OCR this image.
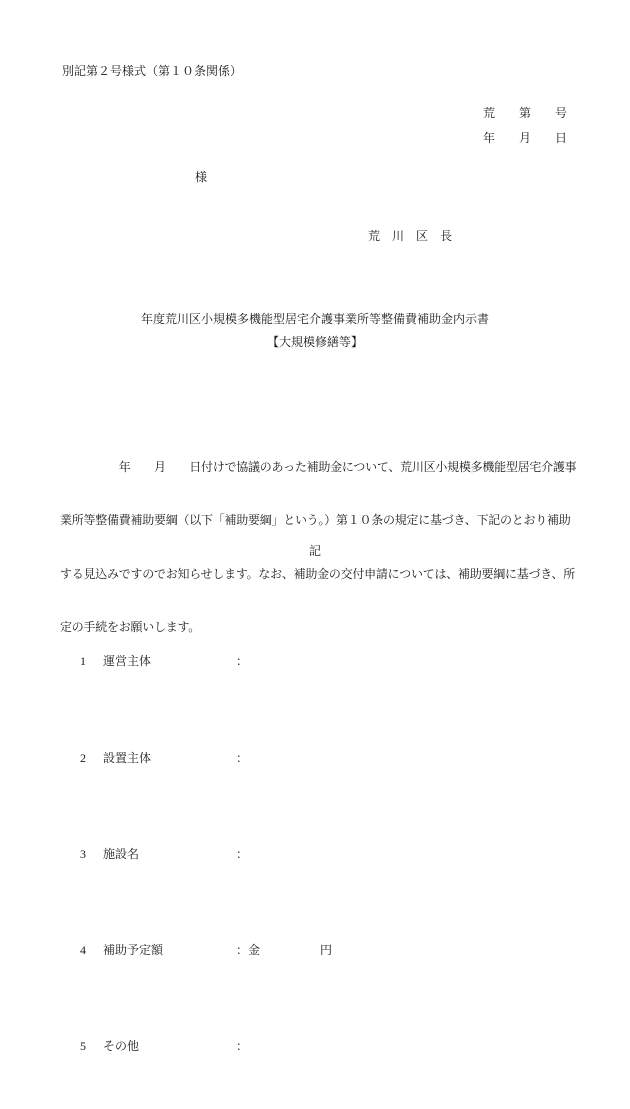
別記第２号様式（第１０条関係）
荒　　第　　号
年　　月　　日
様
荒　川　区　長
年度荒川区小規模多機能型居宅介護事業所等整備費補助金内示書
【大規模修繕等】

　　　　　年　　月　　日付けで協議のあった補助金について、荒川区小規模多機能型居宅介護事

業所等整備費補助要綱（以下「補助要綱」という。）第１０条の規定に基づき、下記のとおり補助

する見込みですのでお知らせします。なお、補助金の交付申請については、補助要綱に基づき、所

定の手続をお願いします。

記

1 運営主体	：

2 設置主体	：

3 施設名	：

4 補助予定額	：金　　　　　円

5 その他	：
